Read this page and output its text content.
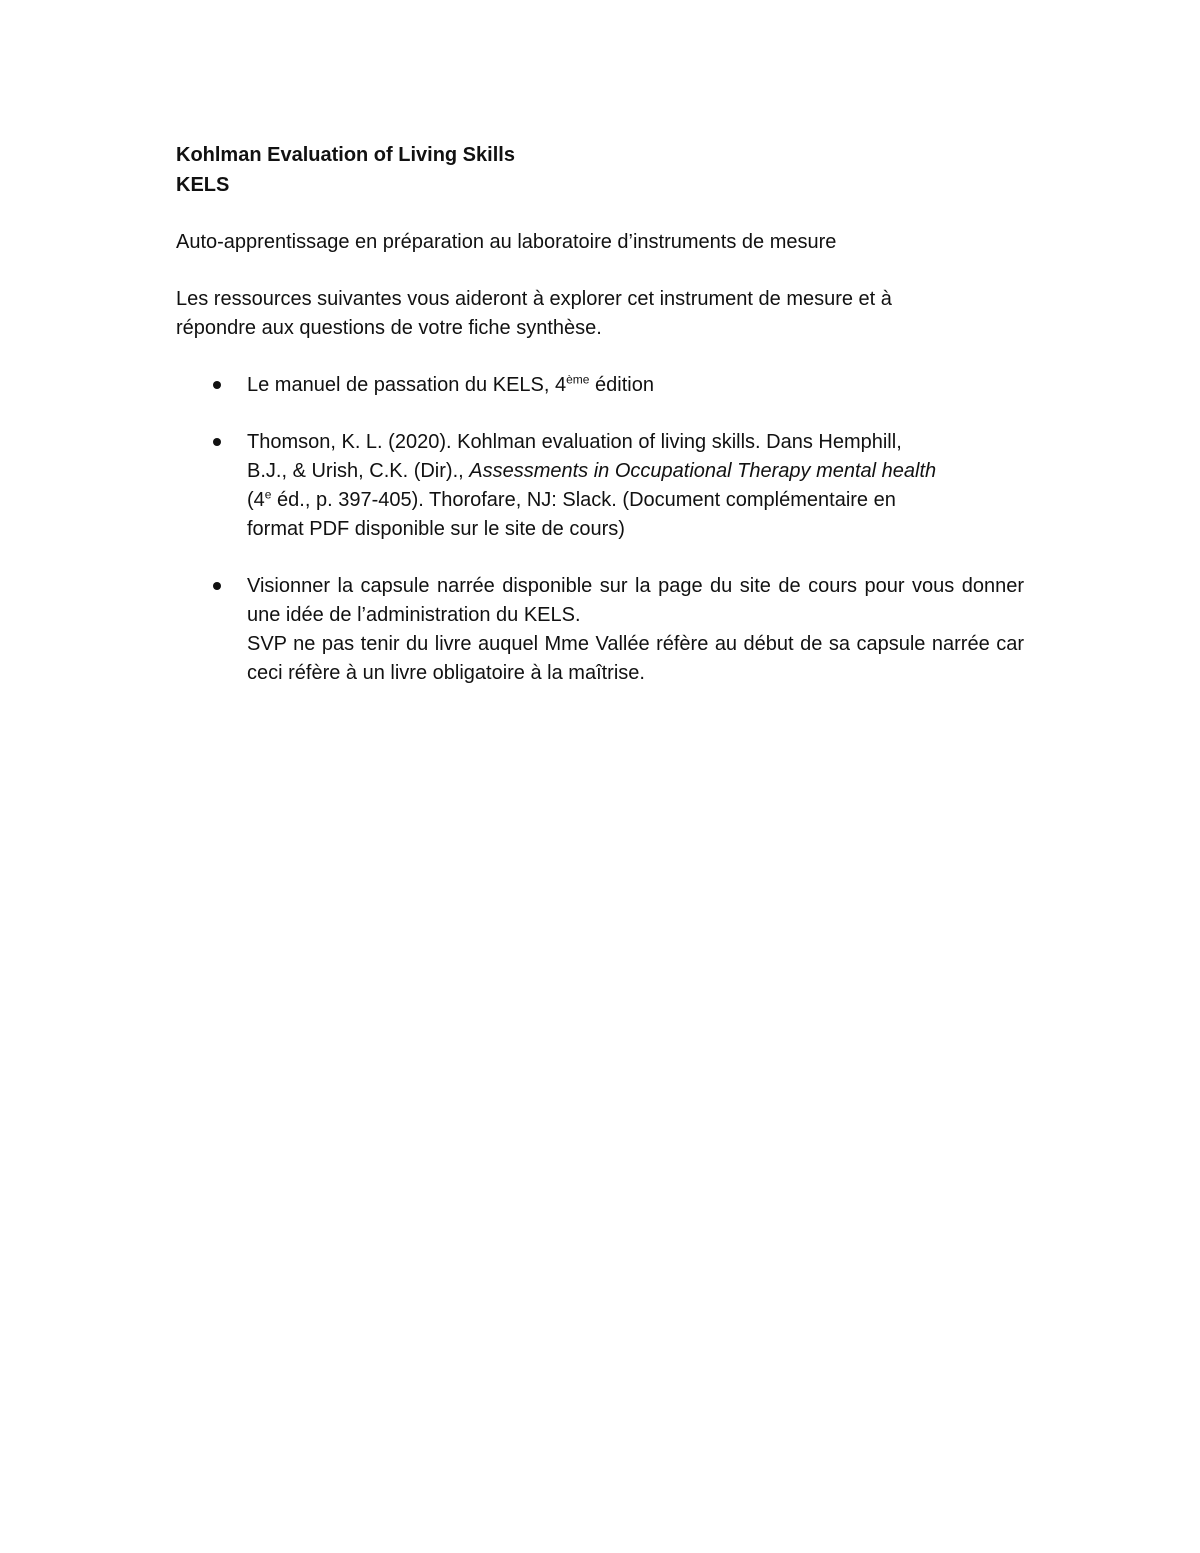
Kohlman Evaluation of Living Skills

KELS

Auto-apprentissage en préparation au laboratoire d’instruments de mesure

Les ressources suivantes vous aideront à explorer cet instrument de mesure et à répondre aux questions de votre fiche synthèse.

Le manuel de passation du KELS, 4ème édition
Thomson, K. L. (2020). Kohlman evaluation of living skills. Dans Hemphill, B.J., & Urish, C.K. (Dir)., Assessments in Occupational Therapy mental health (4e éd., p. 397-405). Thorofare, NJ: Slack. (Document complémentaire en format PDF disponible sur le site de cours)
Visionner la capsule narrée disponible sur la page du site de cours pour vous donner une idée de l’administration du KELS.
SVP ne pas tenir du livre auquel Mme Vallée réfère au début de sa capsule narrée car ceci réfère à un livre obligatoire à la maîtrise.
